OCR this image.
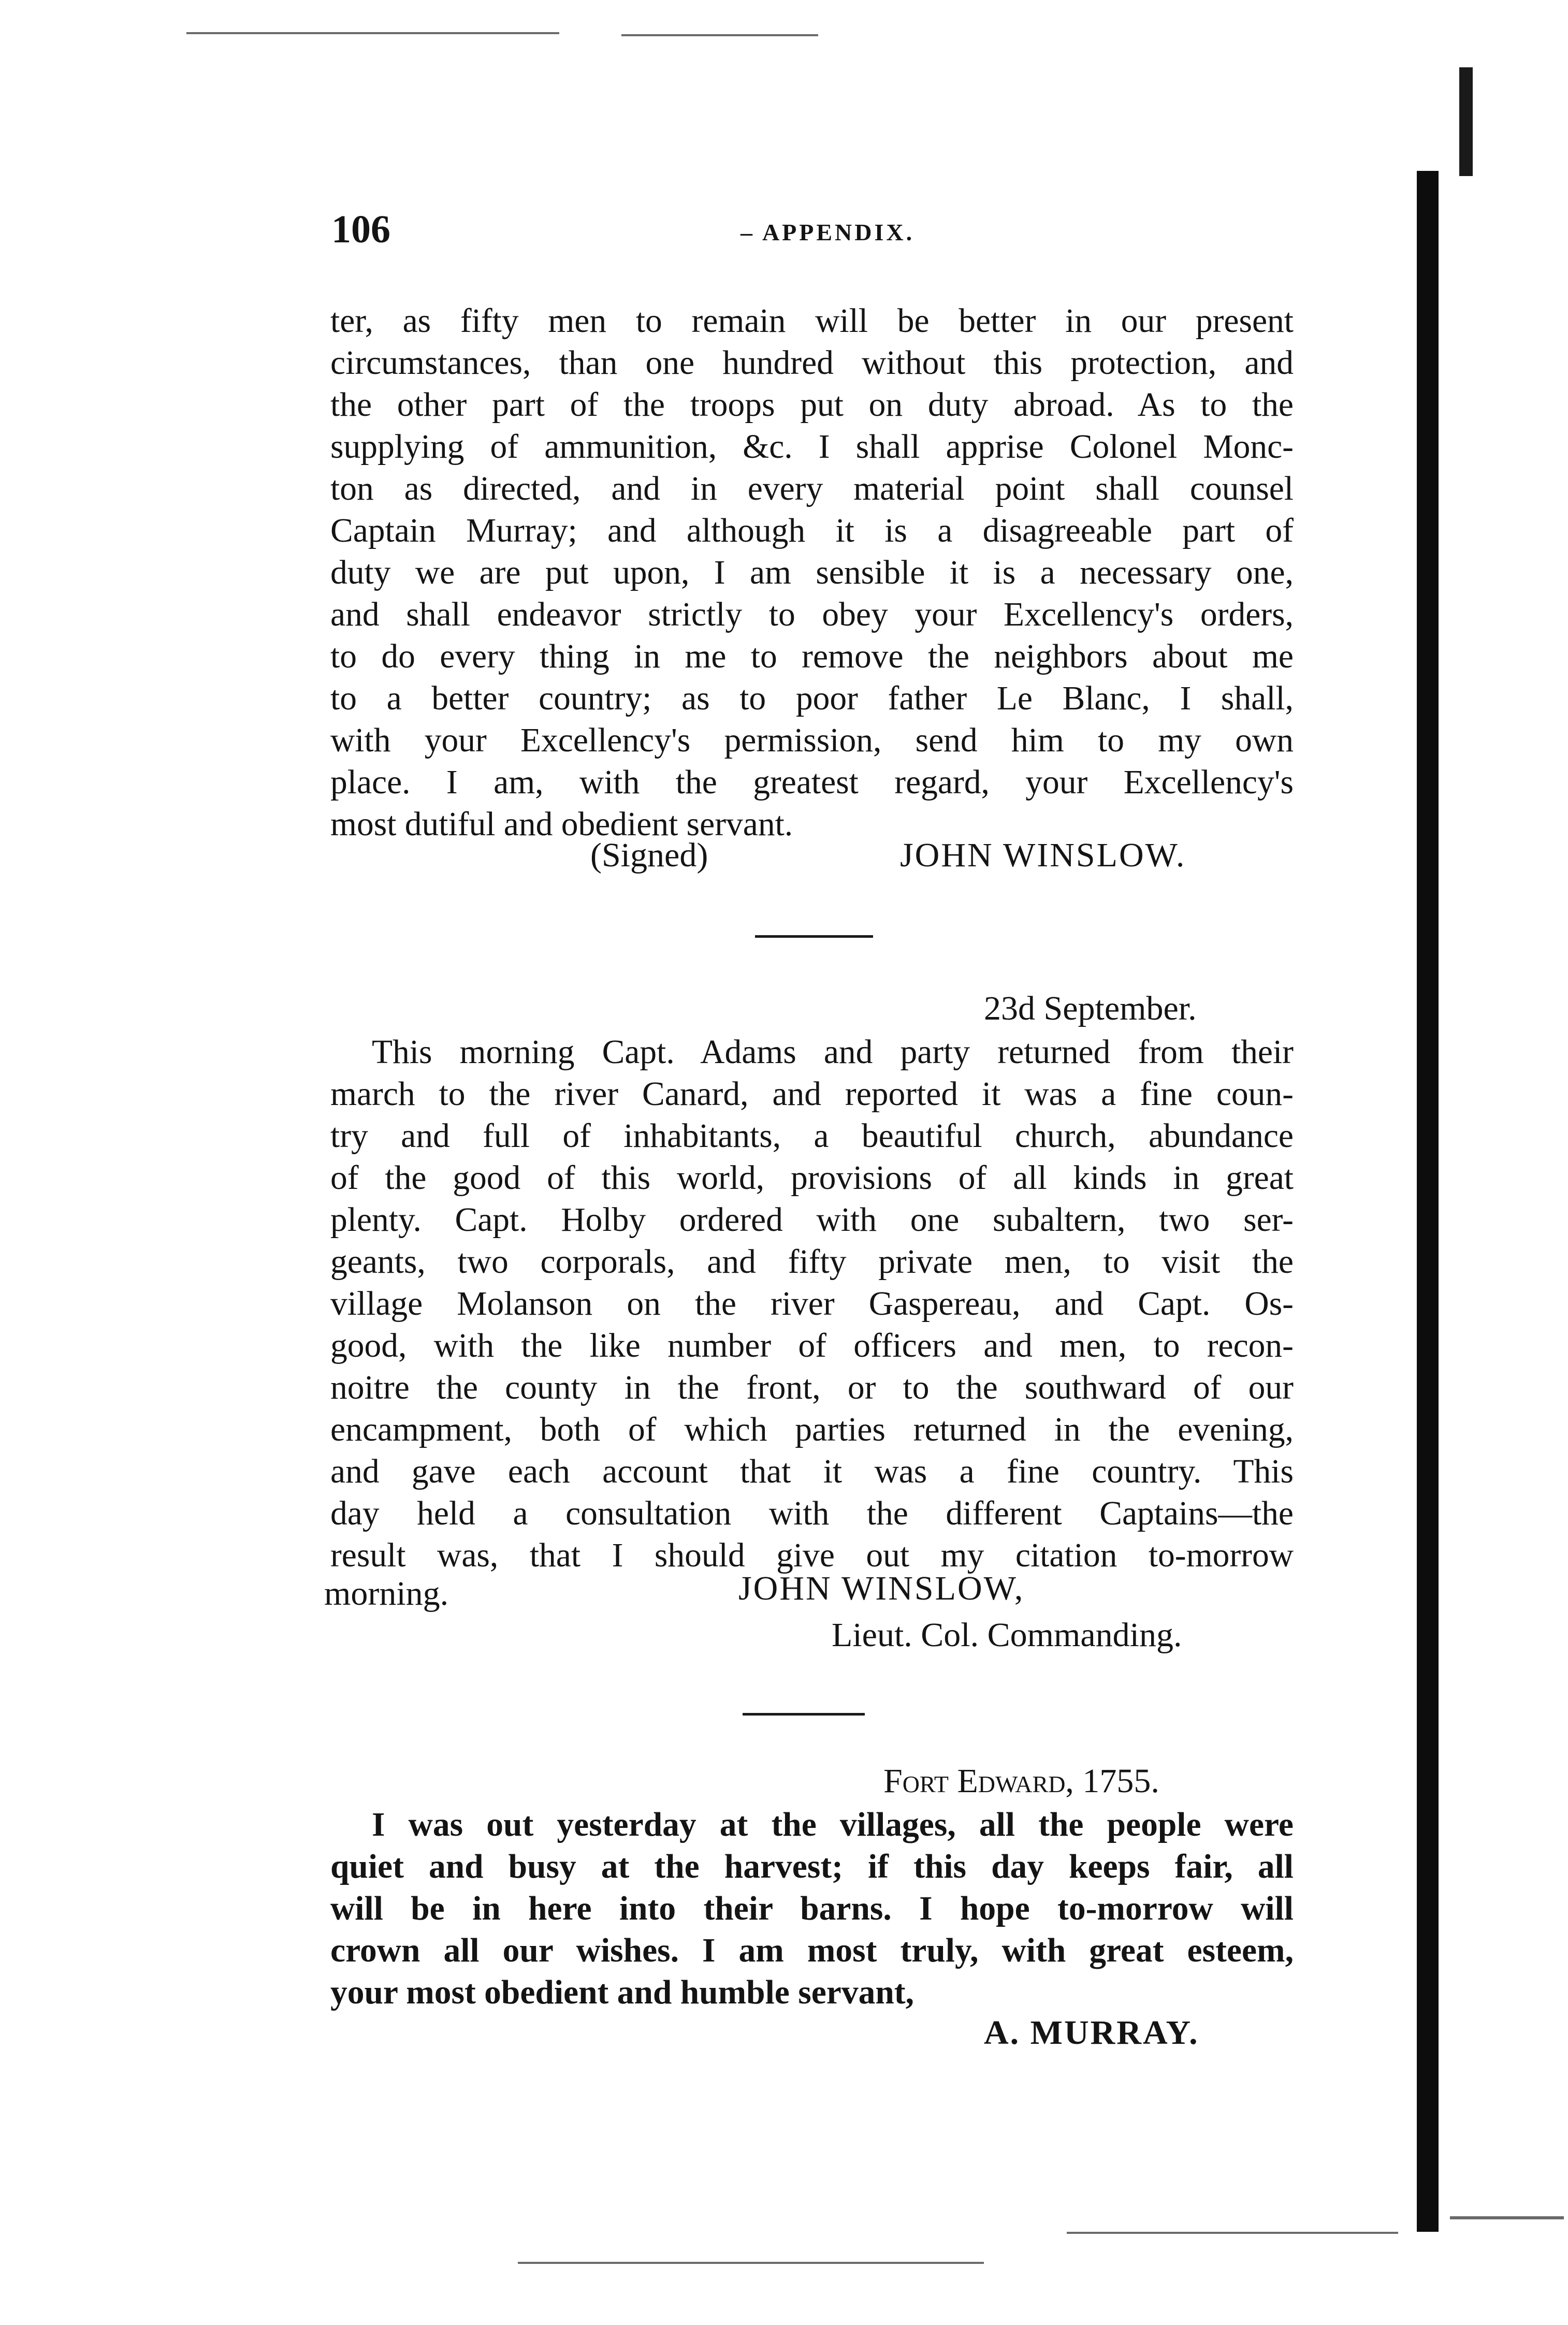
106	– APPENDIX.
ter, as fifty men to remain will be better in our present
circumstances, than one hundred without this protection, and
the other part of the troops put on duty abroad. As to the
supplying of ammunition, &c. I shall apprise Colonel Monc-
ton as directed, and in every material point shall counsel
Captain Murray; and although it is a disagreeable part of
duty we are put upon, I am sensible it is a necessary one,
and shall endeavor strictly to obey your Excellency's orders,
to do every thing in me to remove the neighbors about me
to a better country; as to poor father Le Blanc, I shall,
with your Excellency's permission, send him to my own
place. I am, with the greatest regard, your Excellency's
most dutiful and obedient servant.
(Signed)	JOHN WINSLOW.
23d September.
This morning Capt. Adams and party returned from their
march to the river Canard, and reported it was a fine coun-
try and full of inhabitants, a beautiful church, abundance
of the good of this world, provisions of all kinds in great
plenty. Capt. Holby ordered with one subaltern, two ser-
geants, two corporals, and fifty private men, to visit the
village Molanson on the river Gaspereau, and Capt. Os-
good, with the like number of officers and men, to recon-
noitre the county in the front, or to the southward of our
encampment, both of which parties returned in the evening,
and gave each account that it was a fine country. This
day held a consultation with the different Captains—the
result was, that I should give out my citation to-morrow
morning.	JOHN WINSLOW,
Lieut. Col. Commanding.
Fort Edward, 1755.
I was out yesterday at the villages, all the people were
quiet and busy at the harvest; if this day keeps fair, all
will be in here into their barns. I hope to-morrow will
crown all our wishes. I am most truly, with great esteem,
your most obedient and humble servant,
A. MURRAY.
